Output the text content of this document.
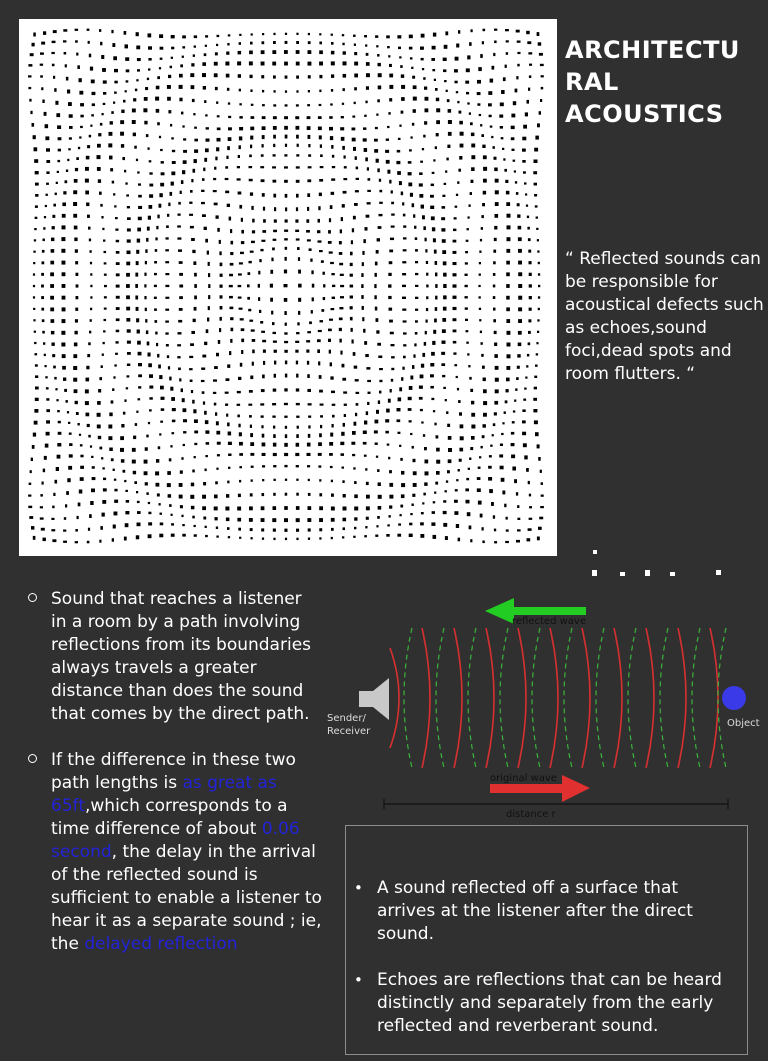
ARCHITECTU
RAL
ACOUSTICS
“ Reflected sounds can be responsible for acoustical defects such as echoes,sound foci,dead spots and room flutters. “
Sound that reaches a listener in a room by a path involving reflections from its boundaries always travels a greater distance than does the sound that comes by the direct path.
If the difference in these two path lengths is as great as 65ft,which corresponds to a time difference of about 0.06 second, the delay in the arrival of the reflected sound is sufficient to enable a listener to hear it as a separate sound ; ie, the delayed reflection
reflected wave
Sender/
Receiver
Object
original wave
distance r
• A sound reflected off a surface that arrives at the listener after the direct sound.
• Echoes are reflections that can be heard distinctly and separately from the early reflected and reverberant sound.
